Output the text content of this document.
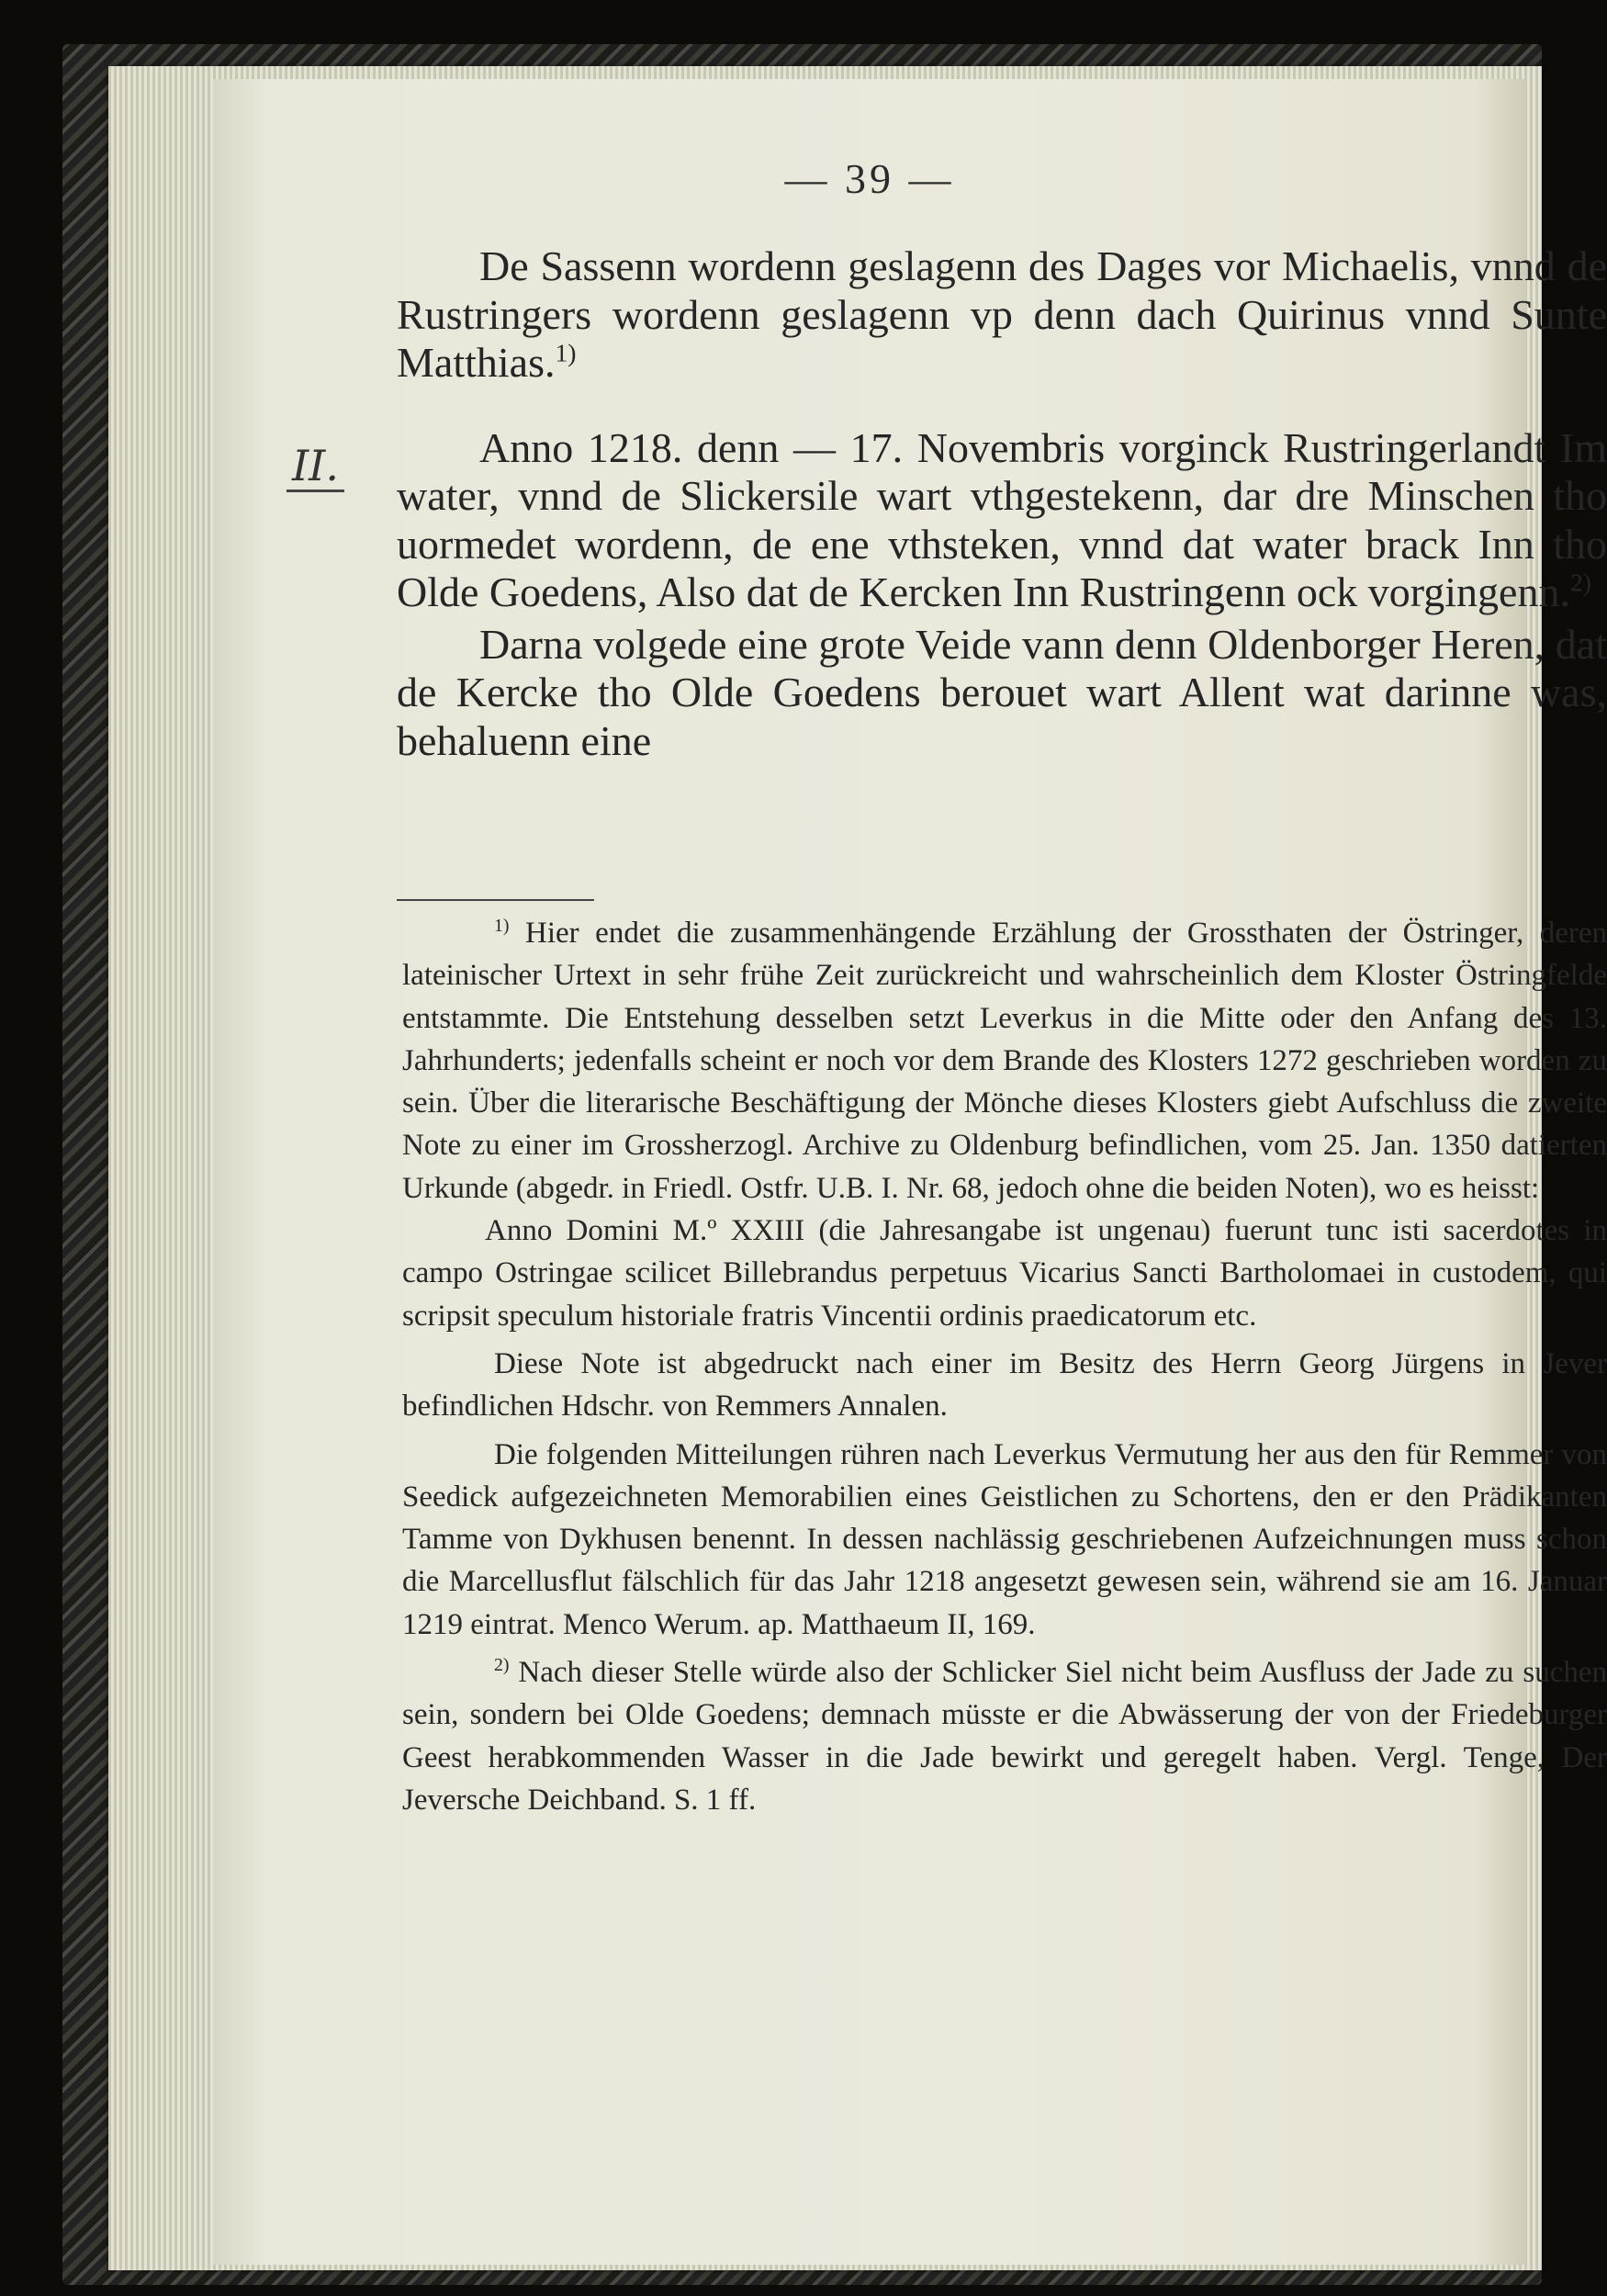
— 39 —
II.

De Sassenn wordenn geslagenn des Dages vor Michaelis, vnnd de Rustringers wordenn geslagenn vp denn dach Quirinus vnnd Sunte Matthias.$^{1)}$

Anno 1218. denn — 17. Novembris vorginck Rustringerlandt Im water, vnnd de Slickersile wart vthgestekenn, dar dre Minschen tho uormedet wordenn, de ene vthsteken, vnnd dat water brack Inn tho Olde Goedens, Also dat de Kercken Inn Rustringenn ock vorgingenn.$^{2)}$

Darna volgede eine grote Veide vann denn Oldenborger Heren, dat de Kercke tho Olde Goedens berouet wart Allent wat darinne was, behaluenn eine

$^{1)}$ Hier endet die zusammenhängende Erzählung der Grossthaten der Östringer, deren lateinischer Urtext in sehr frühe Zeit zurückreicht und wahrscheinlich dem Kloster Östringfelde entstammte. Die Entstehung desselben setzt Leverkus in die Mitte oder den Anfang des 13. Jahrhunderts; jedenfalls scheint er noch vor dem Brande des Klosters 1272 geschrieben worden zu sein. Über die literarische Beschäftigung der Mönche dieses Klosters giebt Aufschluss die zweite Note zu einer im Grossherzogl. Archive zu Oldenburg befindlichen, vom 25. Jan. 1350 datierten Urkunde (abgedr. in Friedl. Ostfr. U.B. I. Nr. 68, jedoch ohne die beiden Noten), wo es heisst:

Anno Domini M.º XXIII (die Jahresangabe ist ungenau) fuerunt tunc isti sacerdotes in campo Ostringae scilicet Billebrandus perpetuus Vicarius Sancti Bartholomaei in custodem, qui scripsit speculum historiale fratris Vincentii ordinis praedicatorum etc.

Diese Note ist abgedruckt nach einer im Besitz des Herrn Georg Jürgens in Jever befindlichen Hdschr. von Remmers Annalen.

Die folgenden Mitteilungen rühren nach Leverkus Vermutung her aus den für Remmer von Seedick aufgezeichneten Memorabilien eines Geistlichen zu Schortens, den er den Prädikanten Tamme von Dykhusen benennt. In dessen nachlässig geschriebenen Aufzeichnungen muss schon die Marcellusflut fälschlich für das Jahr 1218 angesetzt gewesen sein, während sie am 16. Januar 1219 eintrat. Menco Werum. ap. Matthaeum II, 169.

$^{2)}$ Nach dieser Stelle würde also der Schlicker Siel nicht beim Ausfluss der Jade zu suchen sein, sondern bei Olde Goedens; demnach müsste er die Abwässerung der von der Friedeburger Geest herabkommenden Wasser in die Jade bewirkt und geregelt haben. Vergl. Tenge, Der Jeversche Deichband. S. 1 ff.
